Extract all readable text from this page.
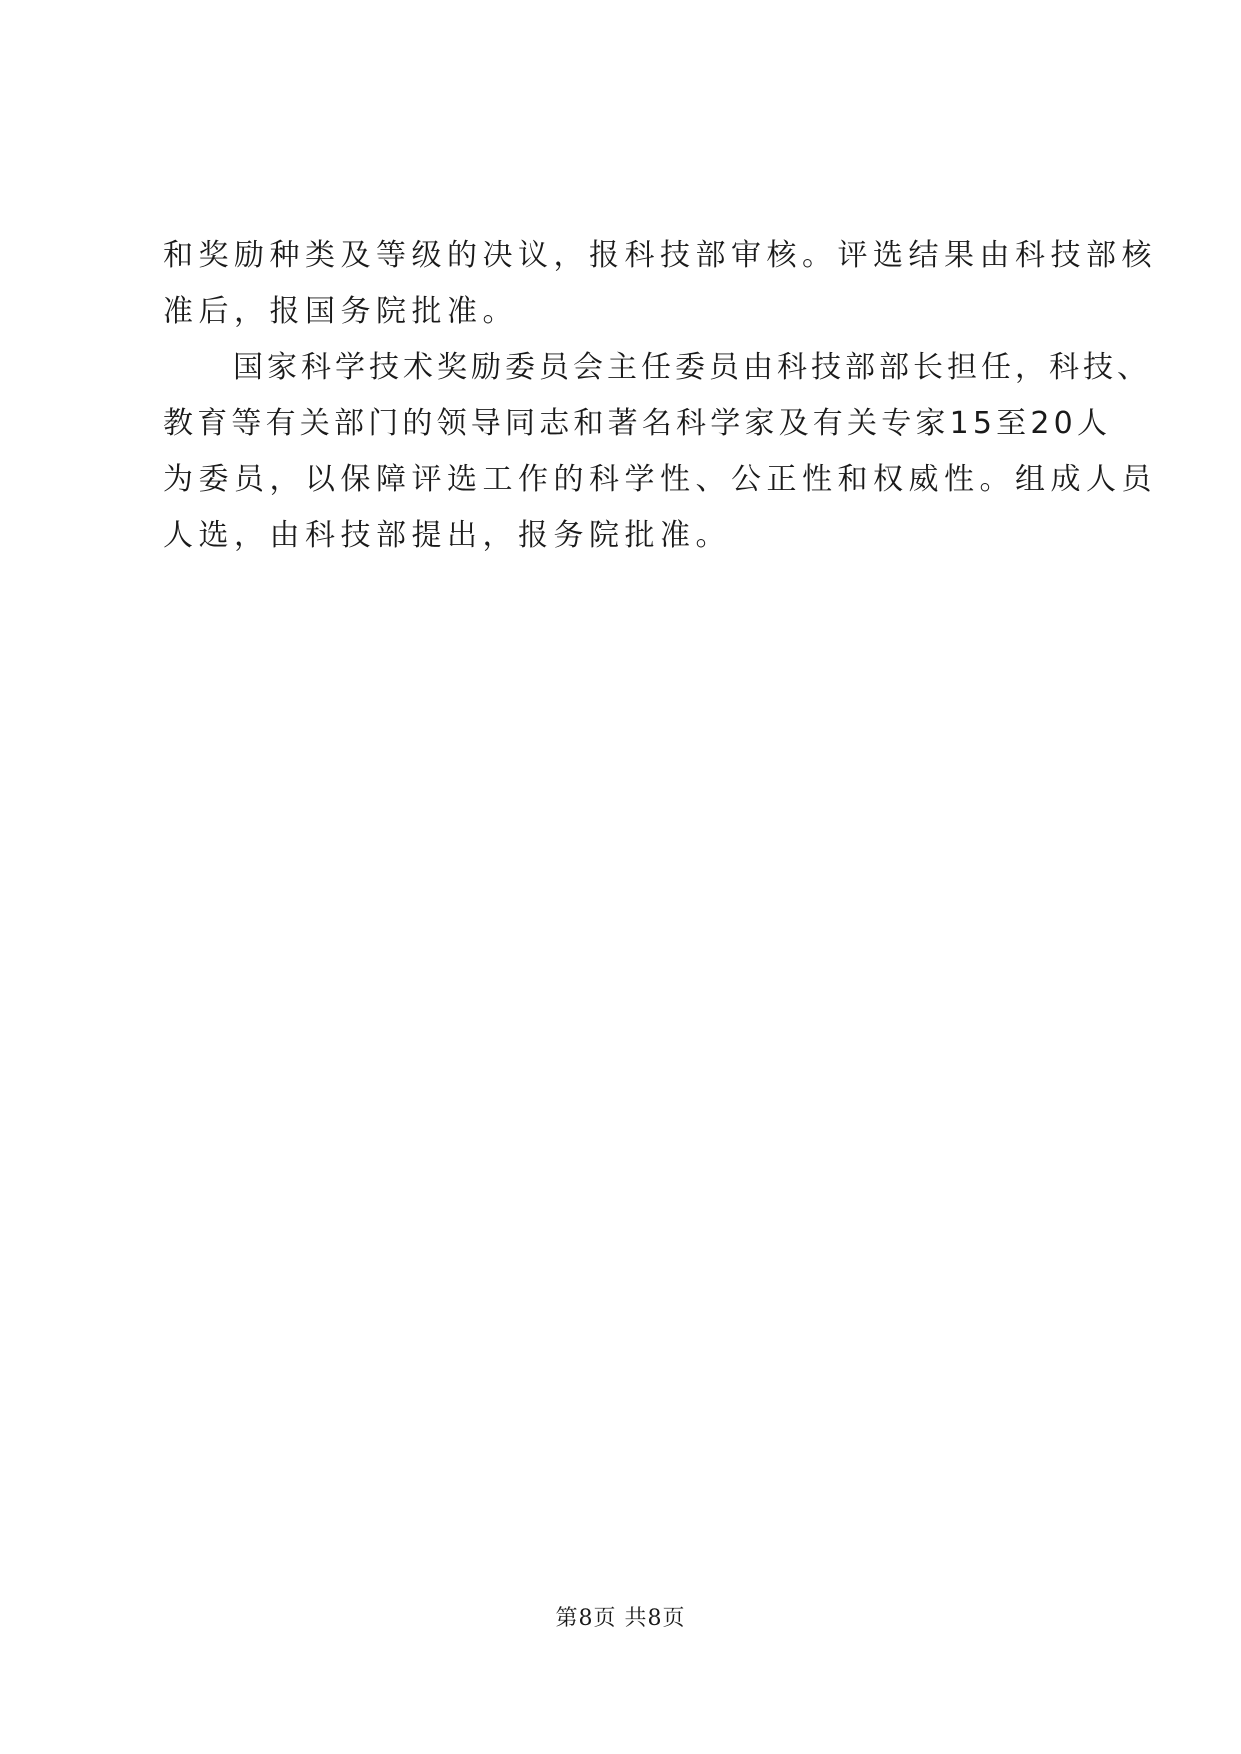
和奖励种类及等级的决议，报科技部审核。评选结果由科技部核
准后，报国务院批准。
国家科学技术奖励委员会主任委员由科技部部长担任，科技、
教育等有关部门的领导同志和著名科学家及有关专家15至20人
为委员，以保障评选工作的科学性、公正性和权威性。组成人员
人选，由科技部提出，报务院批准。
第8页 共8页
